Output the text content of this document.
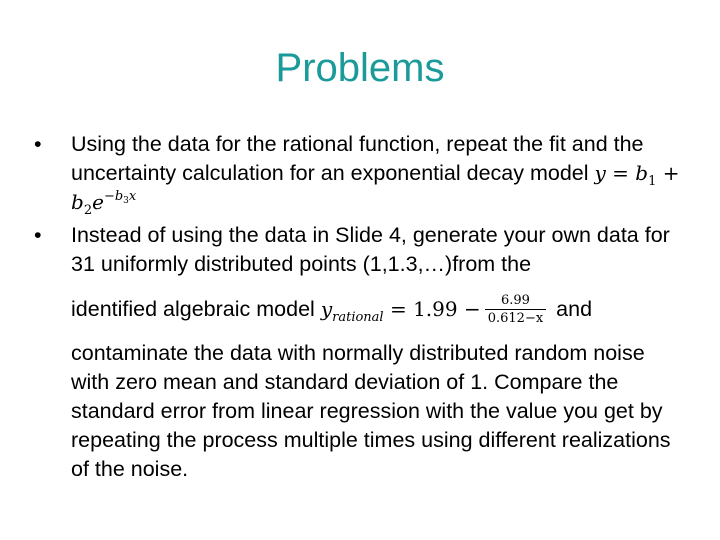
Problems
•	Using the data for the rational function, repeat the fit and the uncertainty calculation for an exponential decay model $y = b_1 + b_2e^{-b_3x}$
•	Instead of using the data in Slide 4, generate your own data for 31 uniformly distributed points (1,1.3,…)from the
identified algebraic model $y_{rational} = 1.99 - \frac{6.99}{0.612-x}$ and
contaminate the data with normally distributed random noise with zero mean and standard deviation of 1. Compare the standard error from linear regression with the value you get by repeating the process multiple times using different realizations of the noise.
